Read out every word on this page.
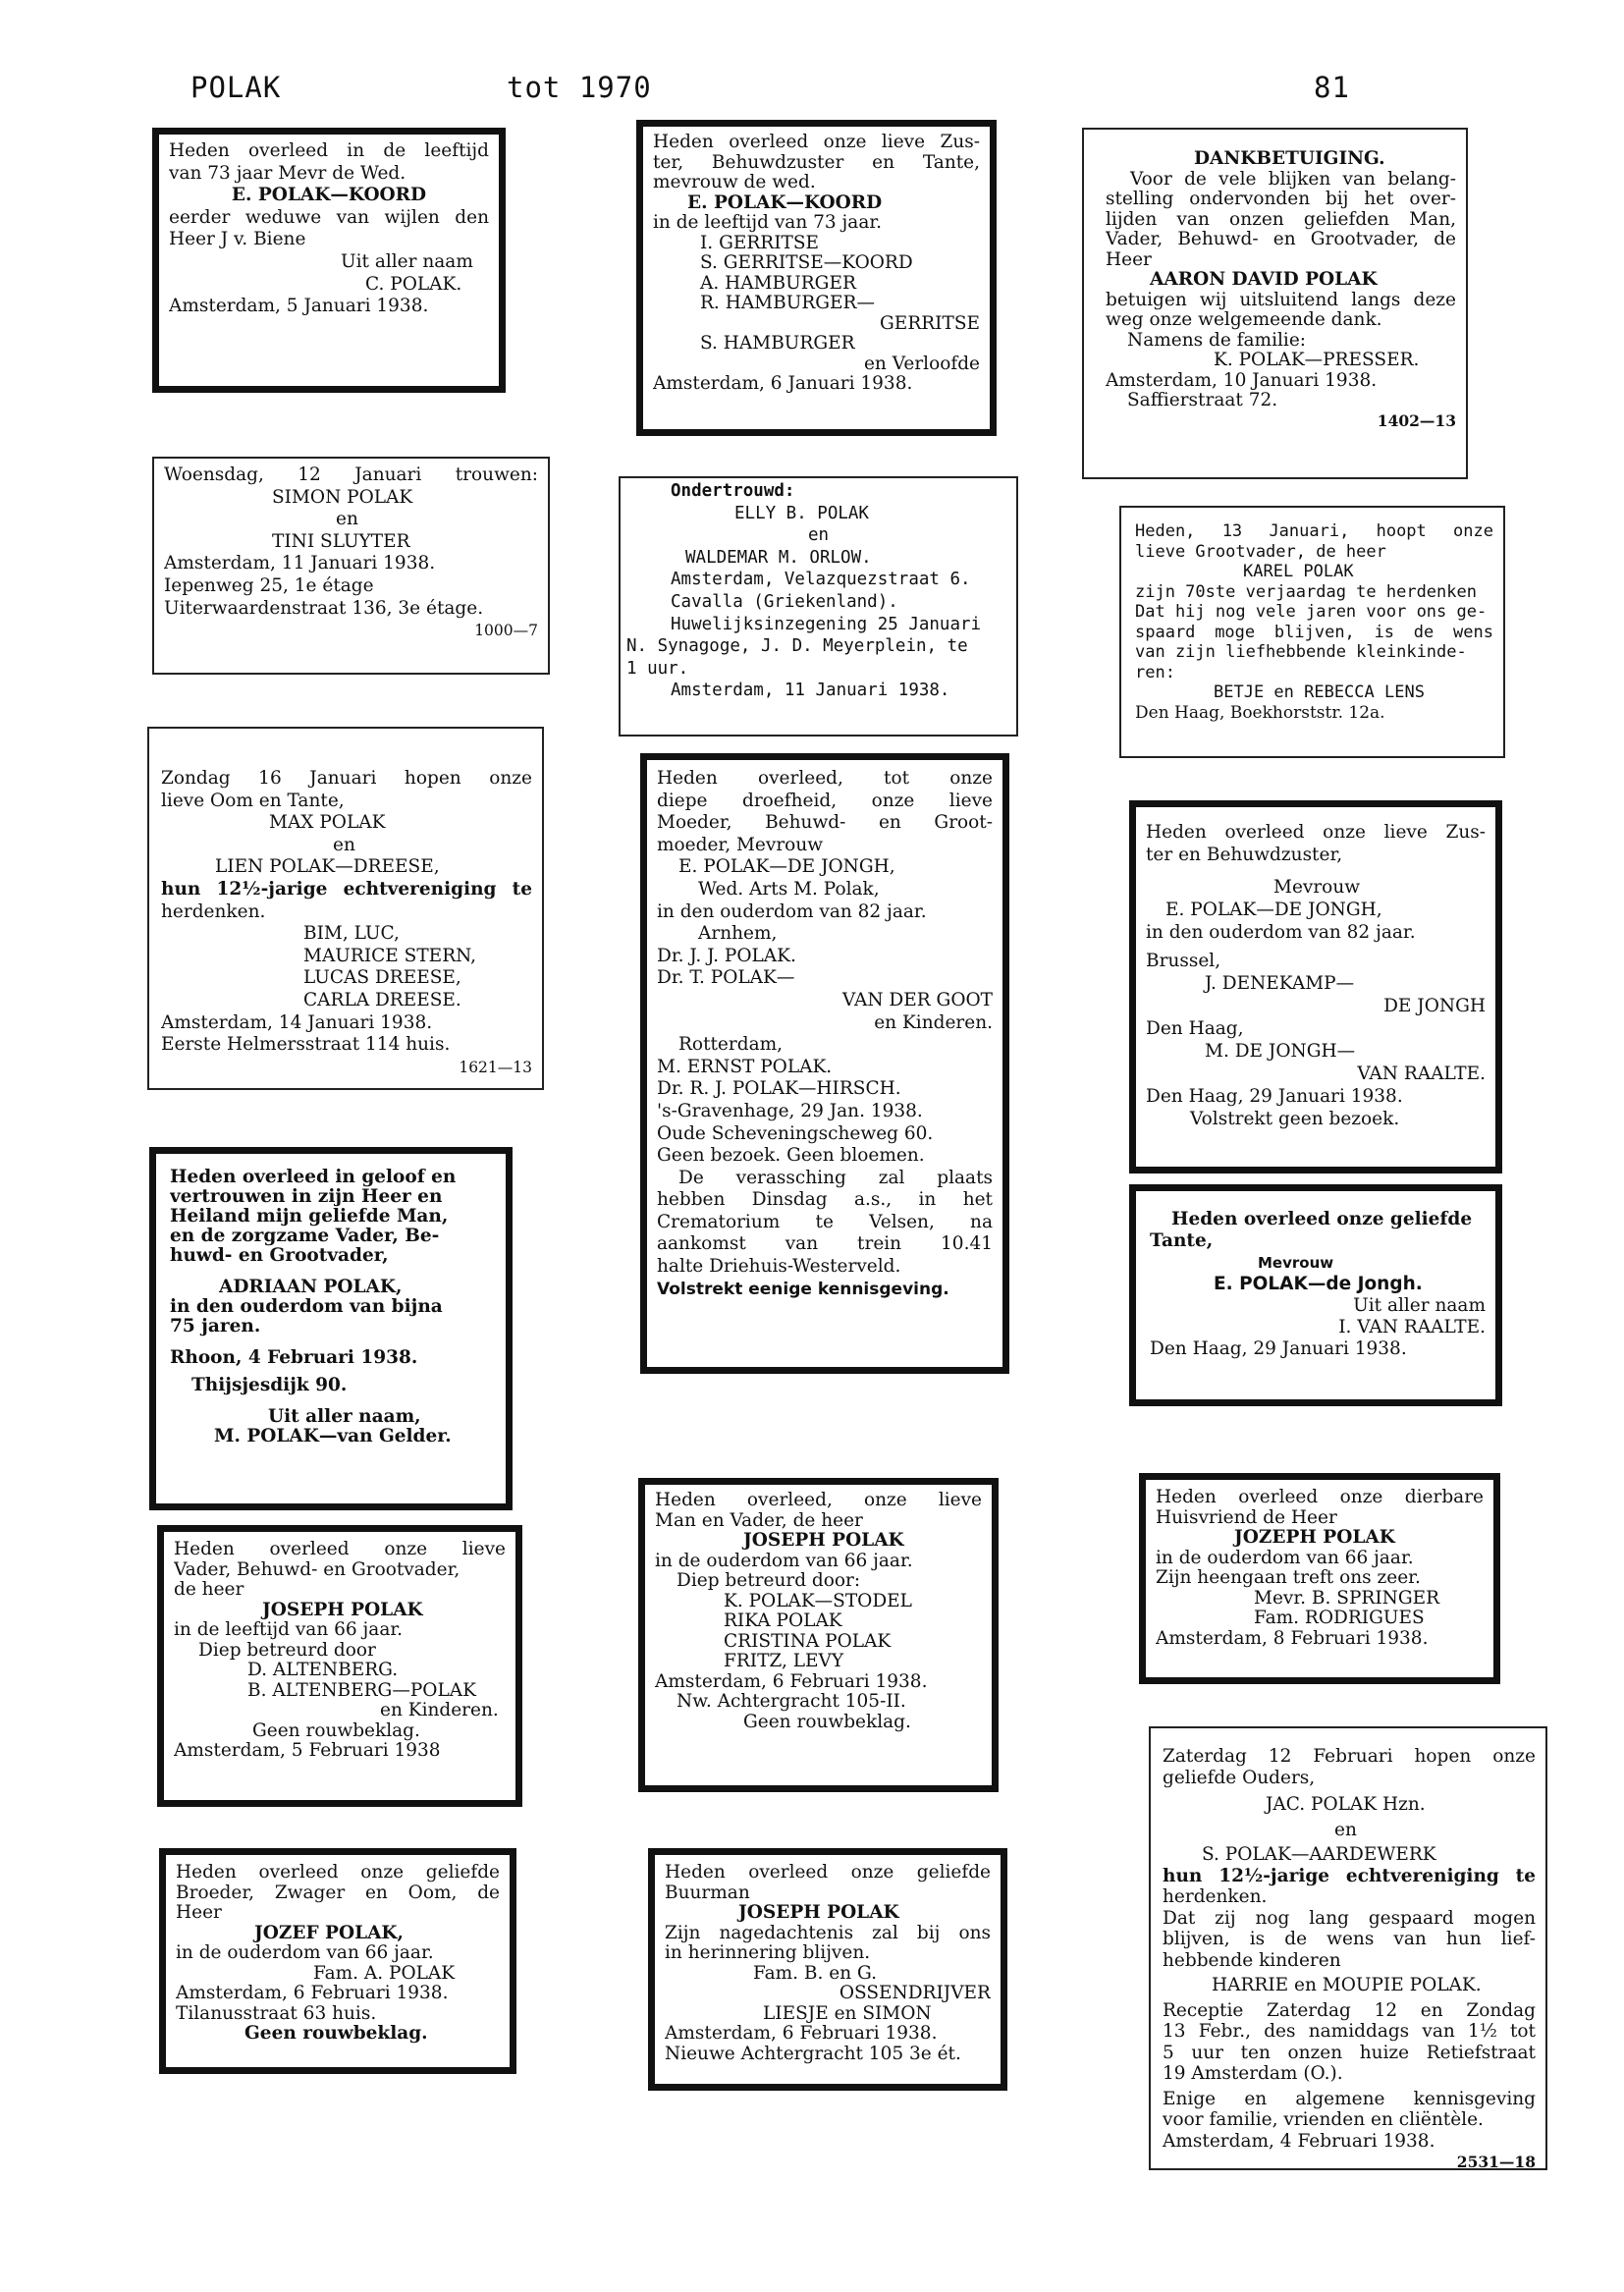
POLAK	tot 1970	81
Heden overleed in de leeftijd
van 73 jaar Mevr de Wed.
E. POLAK—KOORD
eerder weduwe van wijlen den
Heer J v. Biene
Uit aller naam
C. POLAK.
Amsterdam, 5 Januari 1938.
Woensdag, 12 Januari trouwen:
SIMON POLAK
en
TINI SLUYTER
Amsterdam, 11 Januari 1938.
Iepenweg 25, 1e étage
Uiterwaardenstraat 136, 3e étage.
1000—7
Zondag 16 Januari hopen onze
lieve Oom en Tante,
MAX POLAK
en
LIEN POLAK—DREESE,
hun 12½-jarige echtvereniging te
herdenken.
BIM, LUC,
MAURICE STERN,
LUCAS DREESE,
CARLA DREESE.
Amsterdam, 14 Januari 1938.
Eerste Helmersstraat 114 huis.
1621—13
Heden overleed in geloof en
vertrouwen in zijn Heer en
Heiland mijn geliefde Man,
en de zorgzame Vader, Be-
huwd- en Grootvader,
ADRIAAN POLAK,
in den ouderdom van bijna
75 jaren.
Rhoon, 4 Februari 1938.
Thijsjesdijk 90.
Uit aller naam,
M. POLAK—van Gelder.
Heden overleed onze lieve
Vader, Behuwd- en Grootvader,
de heer
JOSEPH POLAK
in de leeftijd van 66 jaar.
Diep betreurd door
D. ALTENBERG.
B. ALTENBERG—POLAK
en Kinderen.
Geen rouwbeklag.
Amsterdam, 5 Februari 1938
Heden overleed onze geliefde
Broeder, Zwager en Oom, de
Heer
JOZEF POLAK,
in de ouderdom van 66 jaar.
Fam. A. POLAK
Amsterdam, 6 Februari 1938.
Tilanusstraat 63 huis.
Geen rouwbeklag.
Heden overleed onze lieve Zus-
ter, Behuwdzuster en Tante,
mevrouw de wed.
E. POLAK—KOORD
in de leeftijd van 73 jaar.
I. GERRITSE
S. GERRITSE—KOORD
A. HAMBURGER
R. HAMBURGER—
GERRITSE
S. HAMBURGER
en Verloofde
Amsterdam, 6 Januari 1938.
Ondertrouwd:
ELLY B. POLAK
en
WALDEMAR M. ORLOW.
Amsterdam, Velazquezstraat 6.
Cavalla (Griekenland).
Huwelijksinzegening 25 Januari
N. Synagoge, J. D. Meyerplein, te
1 uur.
Amsterdam, 11 Januari 1938.
Heden overleed, tot onze
diepe droefheid, onze lieve
Moeder, Behuwd- en Groot-
moeder, Mevrouw
E. POLAK—DE JONGH,
Wed. Arts M. Polak,
in den ouderdom van 82 jaar.
Arnhem,
Dr. J. J. POLAK.
Dr. T. POLAK—
VAN DER GOOT
en Kinderen.
Rotterdam,
M. ERNST POLAK.
Dr. R. J. POLAK—HIRSCH.
's-Gravenhage, 29 Jan. 1938.
Oude Scheveningscheweg 60.
Geen bezoek. Geen bloemen.
De verassching zal plaats
hebben Dinsdag a.s., in het
Crematorium te Velsen, na
aankomst van trein 10.41
halte Driehuis-Westerveld.
Volstrekt eenige kennisgeving.
Heden overleed, onze lieve
Man en Vader, de heer
JOSEPH POLAK
in de ouderdom van 66 jaar.
Diep betreurd door:
K. POLAK—STODEL
RIKA POLAK
CRISTINA POLAK
FRITZ, LEVY
Amsterdam, 6 Februari 1938.
Nw. Achtergracht 105-II.
Geen rouwbeklag.
Heden overleed onze geliefde
Buurman
JOSEPH POLAK
Zijn nagedachtenis zal bij ons
in herinnering blijven.
Fam. B. en G.
OSSENDRIJVER
LIESJE en SIMON
Amsterdam, 6 Februari 1938.
Nieuwe Achtergracht 105 3e ét.
DANKBETUIGING.
Voor de vele blijken van belang-
stelling ondervonden bij het over-
lijden van onzen geliefden Man,
Vader, Behuwd- en Grootvader, de
Heer
AARON DAVID POLAK
betuigen wij uitsluitend langs deze
weg onze welgemeende dank.
Namens de familie:
K. POLAK—PRESSER.
Amsterdam, 10 Januari 1938.
Saffierstraat 72.
1402—13
Heden, 13 Januari, hoopt onze
lieve Grootvader, de heer
KAREL POLAK
zijn 70ste verjaardag te herdenken
Dat hij nog vele jaren voor ons ge-
spaard moge blijven, is de wens
van zijn liefhebbende kleinkinde-
ren:
BETJE en REBECCA LENS
Den Haag, Boekhorststr. 12a.
Heden overleed onze lieve Zus-
ter en Behuwdzuster,
Mevrouw
E. POLAK—DE JONGH,
in den ouderdom van 82 jaar.
Brussel,
J. DENEKAMP—
DE JONGH
Den Haag,
M. DE JONGH—
VAN RAALTE.
Den Haag, 29 Januari 1938.
Volstrekt geen bezoek.
Heden overleed onze geliefde
Tante,
Mevrouw
E. POLAK—de Jongh.
Uit aller naam
I. VAN RAALTE.
Den Haag, 29 Januari 1938.
Heden overleed onze dierbare
Huisvriend de Heer
JOZEPH POLAK
in de ouderdom van 66 jaar.
Zijn heengaan treft ons zeer.
Mevr. B. SPRINGER
Fam. RODRIGUES
Amsterdam, 8 Februari 1938.
Zaterdag 12 Februari hopen onze
geliefde Ouders,
JAC. POLAK Hzn.
en
S. POLAK—AARDEWERK
hun 12½-jarige echtvereniging te
herdenken.
Dat zij nog lang gespaard mogen
blijven, is de wens van hun lief-
hebbende kinderen
HARRIE en MOUPIE POLAK.
Receptie Zaterdag 12 en Zondag
13 Febr., des namiddags van 1½ tot
5 uur ten onzen huize Retiefstraat
19 Amsterdam (O.).
Enige en algemene kennisgeving
voor familie, vrienden en cliëntèle.
Amsterdam, 4 Februari 1938.
2531—18
